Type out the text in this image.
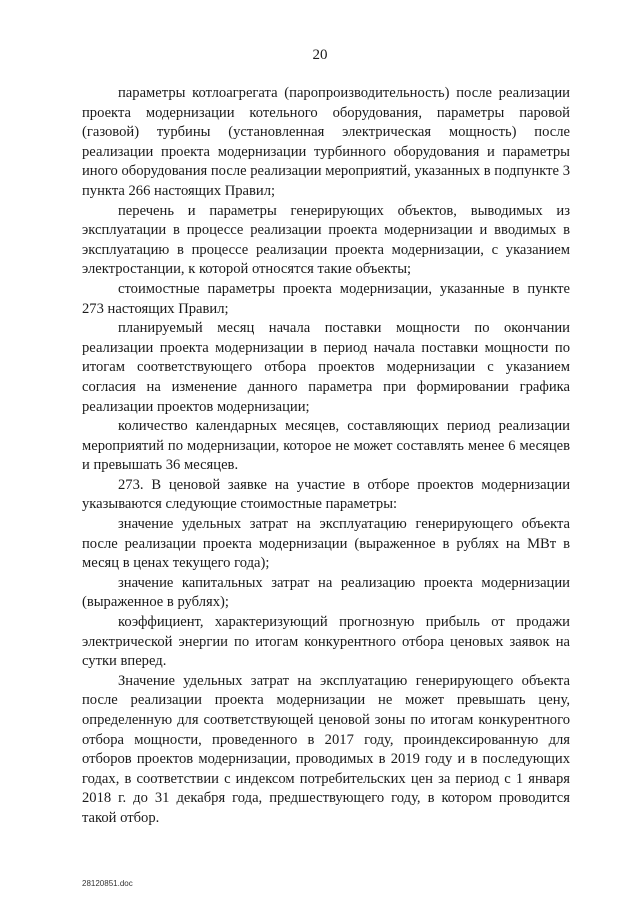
20

параметры котлоагрегата (паропроизводительность) после реализации проекта модернизации котельного оборудования, параметры паровой (газовой) турбины (установленная электрическая мощность) после реализации проекта модернизации турбинного оборудования и параметры иного оборудования после реализации мероприятий, указанных в подпункте 3 пункта 266 настоящих Правил;

перечень и параметры генерирующих объектов, выводимых из эксплуатации в процессе реализации проекта модернизации и вводимых в эксплуатацию в процессе реализации проекта модернизации, с указанием электростанции, к которой относятся такие объекты;

стоимостные параметры проекта модернизации, указанные в пункте 273 настоящих Правил;

планируемый месяц начала поставки мощности по окончании реализации проекта модернизации в период начала поставки мощности по итогам соответствующего отбора проектов модернизации с указанием согласия на изменение данного параметра при формировании графика реализации проектов модернизации;

количество календарных месяцев, составляющих период реализации мероприятий по модернизации, которое не может составлять менее 6 месяцев и превышать 36 месяцев.

273. В ценовой заявке на участие в отборе проектов модернизации указываются следующие стоимостные параметры:

значение удельных затрат на эксплуатацию генерирующего объекта после реализации проекта модернизации (выраженное в рублях на МВт в месяц в ценах текущего года);

значение капитальных затрат на реализацию проекта модернизации (выраженное в рублях);

коэффициент, характеризующий прогнозную прибыль от продажи электрической энергии по итогам конкурентного отбора ценовых заявок на сутки вперед.

Значение удельных затрат на эксплуатацию генерирующего объекта после реализации проекта модернизации не может превышать цену, определенную для соответствующей ценовой зоны по итогам конкурентного отбора мощности, проведенного в 2017 году, проиндексированную для отборов проектов модернизации, проводимых в 2019 году и в последующих годах, в соответствии с индексом потребительских цен за период с 1 января 2018 г. до 31 декабря года, предшествующего году, в котором проводится такой отбор.

28120851.doc
